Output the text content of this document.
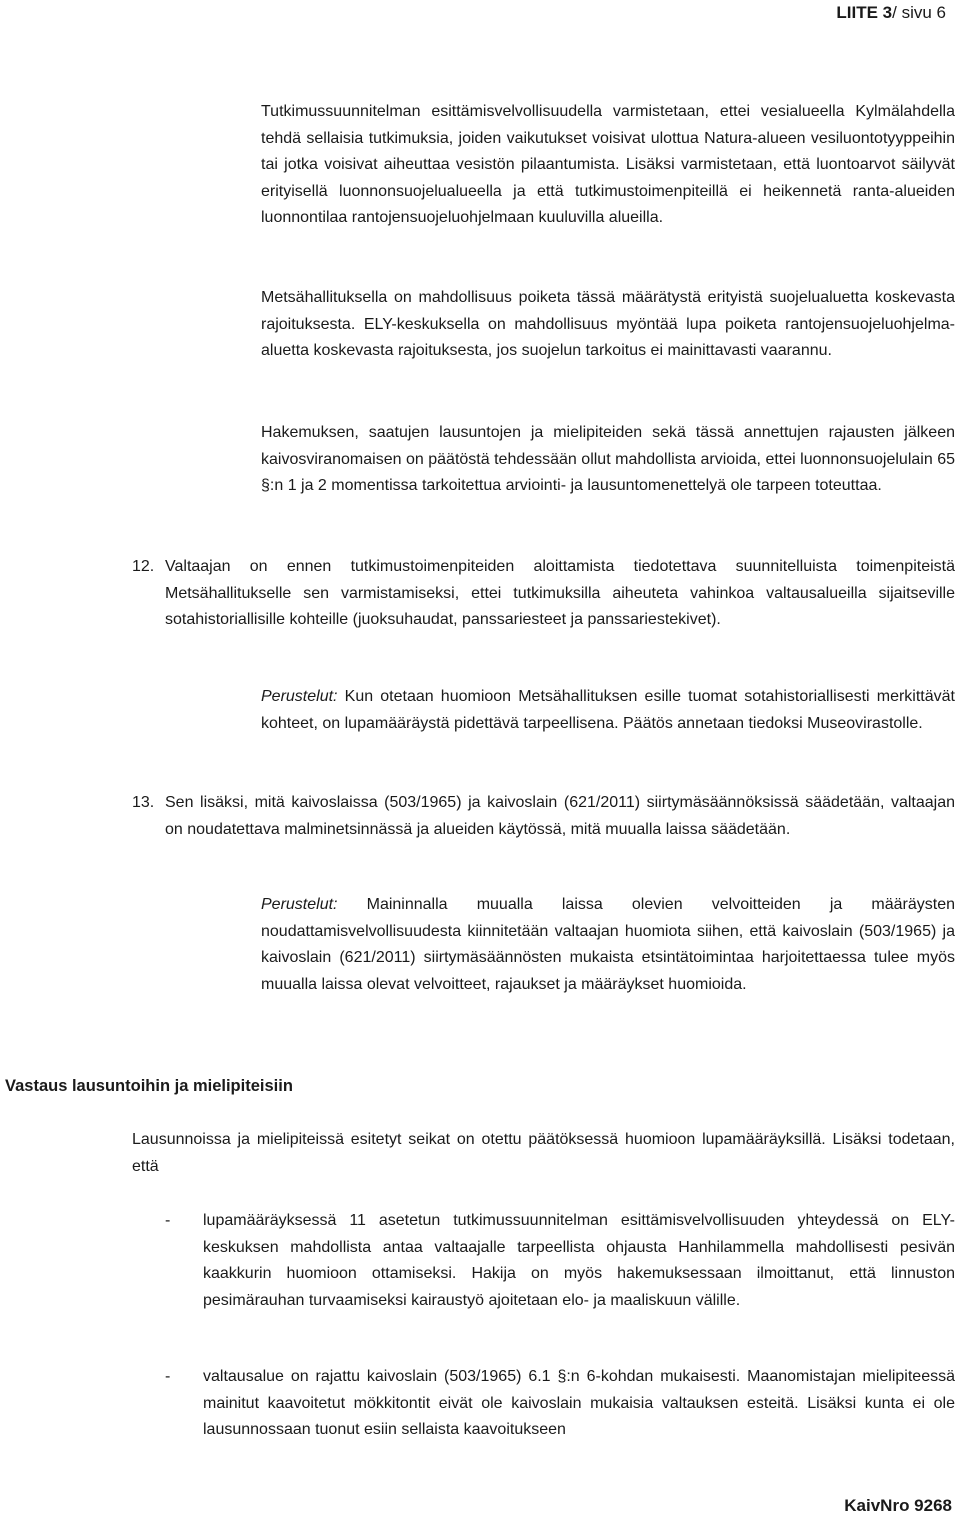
LIITE 3/ sivu 6

Tutkimussuunnitelman esittämisvelvollisuudella varmistetaan, ettei vesialueella Kylmälahdella tehdä sellaisia tutkimuksia, joiden vaikutukset voisivat ulottua Natura-alueen vesiluontotyyppeihin tai jotka voisivat aiheuttaa vesistön pilaantumista. Lisäksi varmistetaan, että luontoarvot säilyvät erityisellä luonnonsuojelualueella ja että tutkimustoimenpiteillä ei heikennetä ranta-alueiden luonnontilaa rantojensuojeluohjelmaan kuuluvilla alueilla.

Metsähallituksella on mahdollisuus poiketa tässä määrätystä erityistä suojelualuetta koskevasta rajoituksesta. ELY-keskuksella on mahdollisuus myöntää lupa poiketa rantojensuojeluohjelma-aluetta koskevasta rajoituksesta, jos suojelun tarkoitus ei mainittavasti vaarannu.

Hakemuksen, saatujen lausuntojen ja mielipiteiden sekä tässä annettujen rajausten jälkeen kaivosviranomaisen on päätöstä tehdessään ollut mahdollista arvioida, ettei luonnonsuojelulain 65 §:n 1 ja 2 momentissa tarkoitettua arviointi- ja lausuntomenettelyä ole tarpeen toteuttaa.

12. Valtaajan on ennen tutkimustoimenpiteiden aloittamista tiedotettava suunnitelluista toimenpiteistä Metsähallitukselle sen varmistamiseksi, ettei tutkimuksilla aiheuteta vahinkoa valtausalueilla sijaitseville sotahistoriallisille kohteille (juoksuhaudat, panssariesteet ja panssariestekivet).

Perustelut: Kun otetaan huomioon Metsähallituksen esille tuomat sotahistoriallisesti merkittävät kohteet, on lupamääräystä pidettävä tarpeellisena. Päätös annetaan tiedoksi Museovirastolle.

13. Sen lisäksi, mitä kaivoslaissa (503/1965) ja kaivoslain (621/2011) siirtymäsäännöksissä säädetään, valtaajan on noudatettava malminetsinnässä ja alueiden käytössä, mitä muualla laissa säädetään.

Perustelut: Maininnalla muualla laissa olevien velvoitteiden ja määräysten noudattamisvelvollisuudesta kiinnitetään valtaajan huomiota siihen, että kaivoslain (503/1965) ja kaivoslain (621/2011) siirtymäsäännösten mukaista etsintätoimintaa harjoitettaessa tulee myös muualla laissa olevat velvoitteet, rajaukset ja määräykset huomioida.

Vastaus lausuntoihin ja mielipiteisiin

Lausunnoissa ja mielipiteissä esitetyt seikat on otettu päätöksessä huomioon lupamääräyksillä. Lisäksi todetaan, että

- lupamääräyksessä 11 asetetun tutkimussuunnitelman esittämisvelvollisuuden yhteydessä on ELY-keskuksen mahdollista antaa valtaajalle tarpeellista ohjausta Hanhilammella mahdollisesti pesivän kaakkurin huomioon ottamiseksi. Hakija on myös hakemuksessaan ilmoittanut, että linnuston pesimärauhan turvaamiseksi kairaustyö ajoitetaan elo- ja maaliskuun välille.

- valtausalue on rajattu kaivoslain (503/1965) 6.1 §:n 6-kohdan mukaisesti. Maanomistajan mielipiteessä mainitut kaavoitetut mökkitontit eivät ole kaivoslain mukaisia valtauksen esteitä. Lisäksi kunta ei ole lausunnossaan tuonut esiin sellaista kaavoitukseen

KaivNro 9268
